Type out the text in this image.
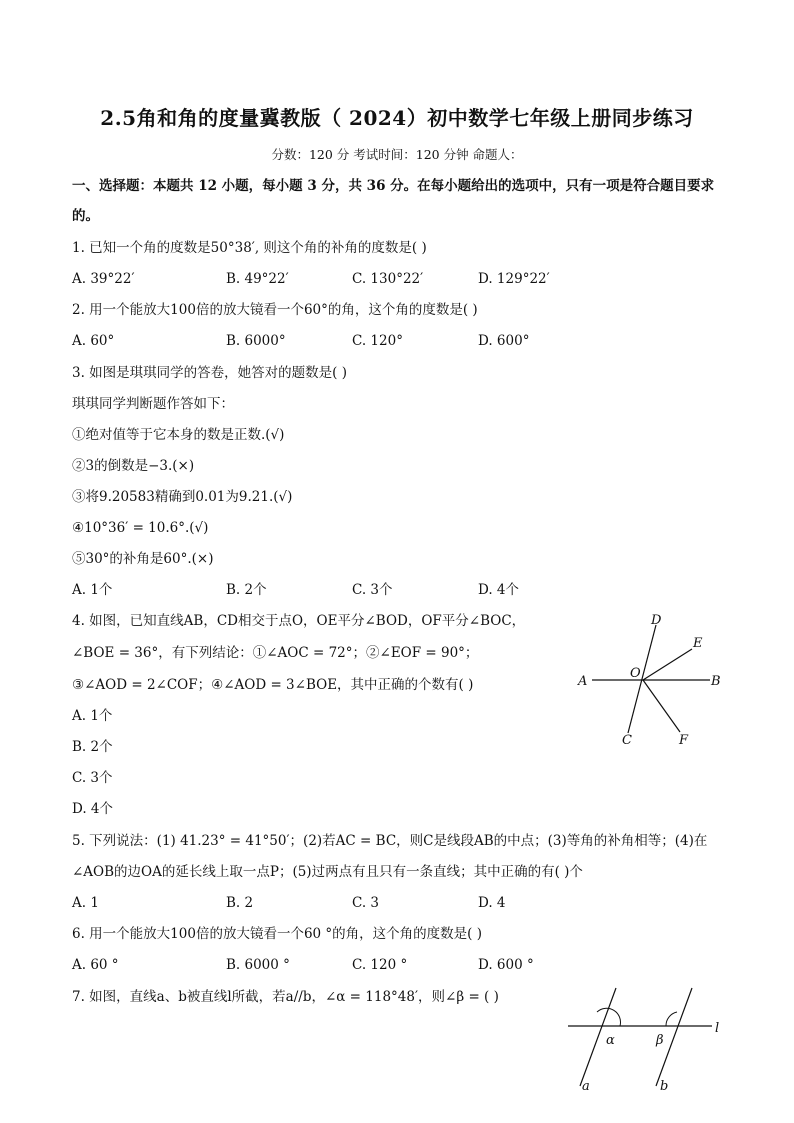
2.5角和角的度量冀教版（ 2024）初中数学七年级上册同步练习
分数：120 分 考试时间：120 分钟 命题人：
一、选择题：本题共 12 小题，每小题 3 分，共 36 分。在每小题给出的选项中，只有一项是符合题目要求
的。
1. 已知一个角的度数是50°38′, 则这个角的补角的度数是( )
A. 39°22′	B. 49°22′	C. 130°22′	D. 129°22′
2. 用一个能放大100倍的放大镜看一个60°的角，这个角的度数是( )
A. 60°	B. 6000°	C. 120°	D. 600°
3. 如图是琪琪同学的答卷，她答对的题数是( )
琪琪同学判断题作答如下：
①绝对值等于它本身的数是正数.(√)
②3的倒数是−3.(×)
③将9.20583精确到0.01为9.21.(√)
④10°36′ = 10.6°.(√)
⑤30°的补角是60°.(×)
A. 1个	B. 2个	C. 3个	D. 4个
4. 如图，已知直线AB，CD相交于点O，OE平分∠BOD，OF平分∠BOC，
∠BOE = 36°，有下列结论：①∠AOC = 72°；②∠EOF = 90°；
③∠AOD = 2∠COF；④∠AOD = 3∠BOE，其中正确的个数有( )
A. 1个
B. 2个
C. 3个
D. 4个
A	B
C
D
E
F
O
5. 下列说法：(1) 41.23° = 41°50′；(2)若AC = BC，则C是线段AB的中点；(3)等角的补角相等；(4)在
∠AOB的边OA的延长线上取一点P；(5)过两点有且只有一条直线；其中正确的有( )个
A. 1	B. 2	C. 3	D. 4
6. 用一个能放大100倍的放大镜看一个60 °的角，这个角的度数是( )
A. 60 °	B. 6000 °	C. 120 °	D. 600 °
7. 如图，直线a、b被直线l所截，若a//b，∠α = 118°48′，则∠β = ( )
α	β
l
a	b
